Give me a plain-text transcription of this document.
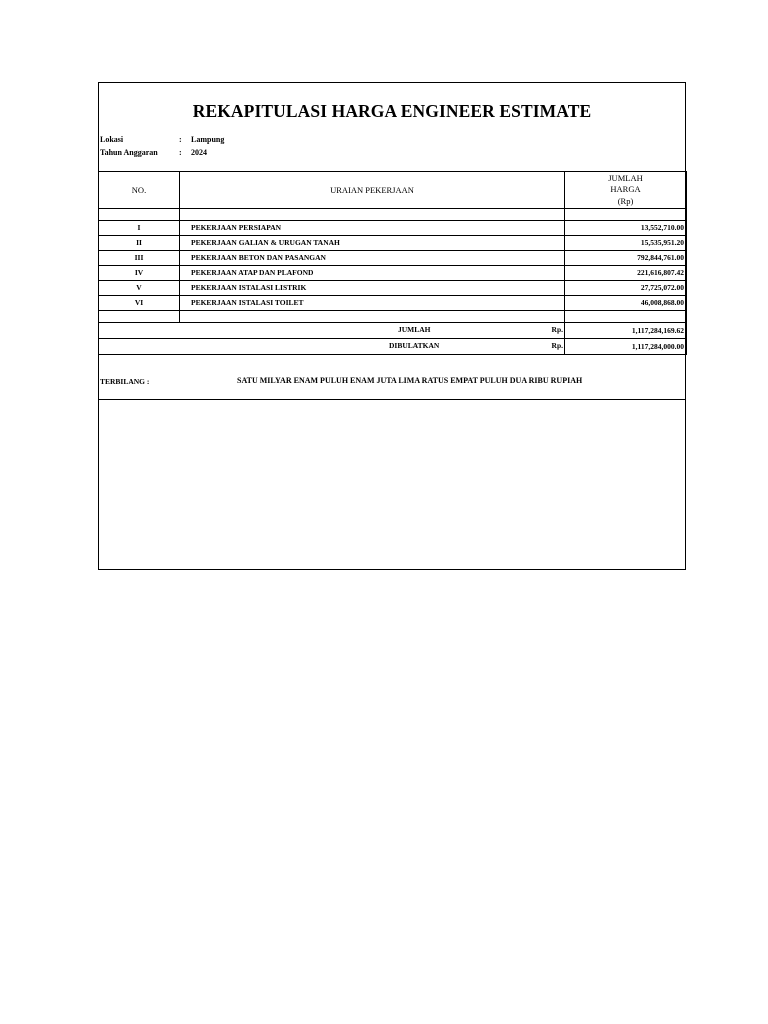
REKAPITULASI HARGA ENGINEER ESTIMATE
Lokasi	: Lampung
Tahun Anggaran	: 2024
NO.	URAIAN PEKERJAAN	JUMLAH
HARGA
(Rp)

I	PEKERJAAN PERSIAPAN	13,552,710.00
II	PEKERJAAN GALIAN & URUGAN TANAH	15,535,951.20
III	PEKERJAAN BETON DAN PASANGAN	792,844,761.00
IV	PEKERJAAN ATAP DAN PLAFOND	221,616,807.42
V	PEKERJAAN ISTALASI LISTRIK	27,725,072.00
VI	PEKERJAAN ISTALASI TOILET	46,008,868.00

JUMLAH Rp.		1,117,284,169.62

DIBULATKAN Rp.		1,117,284,000.00
TERBILANG :	SATU MILYAR ENAM PULUH ENAM JUTA LIMA RATUS EMPAT PULUH DUA RIBU RUPIAH
